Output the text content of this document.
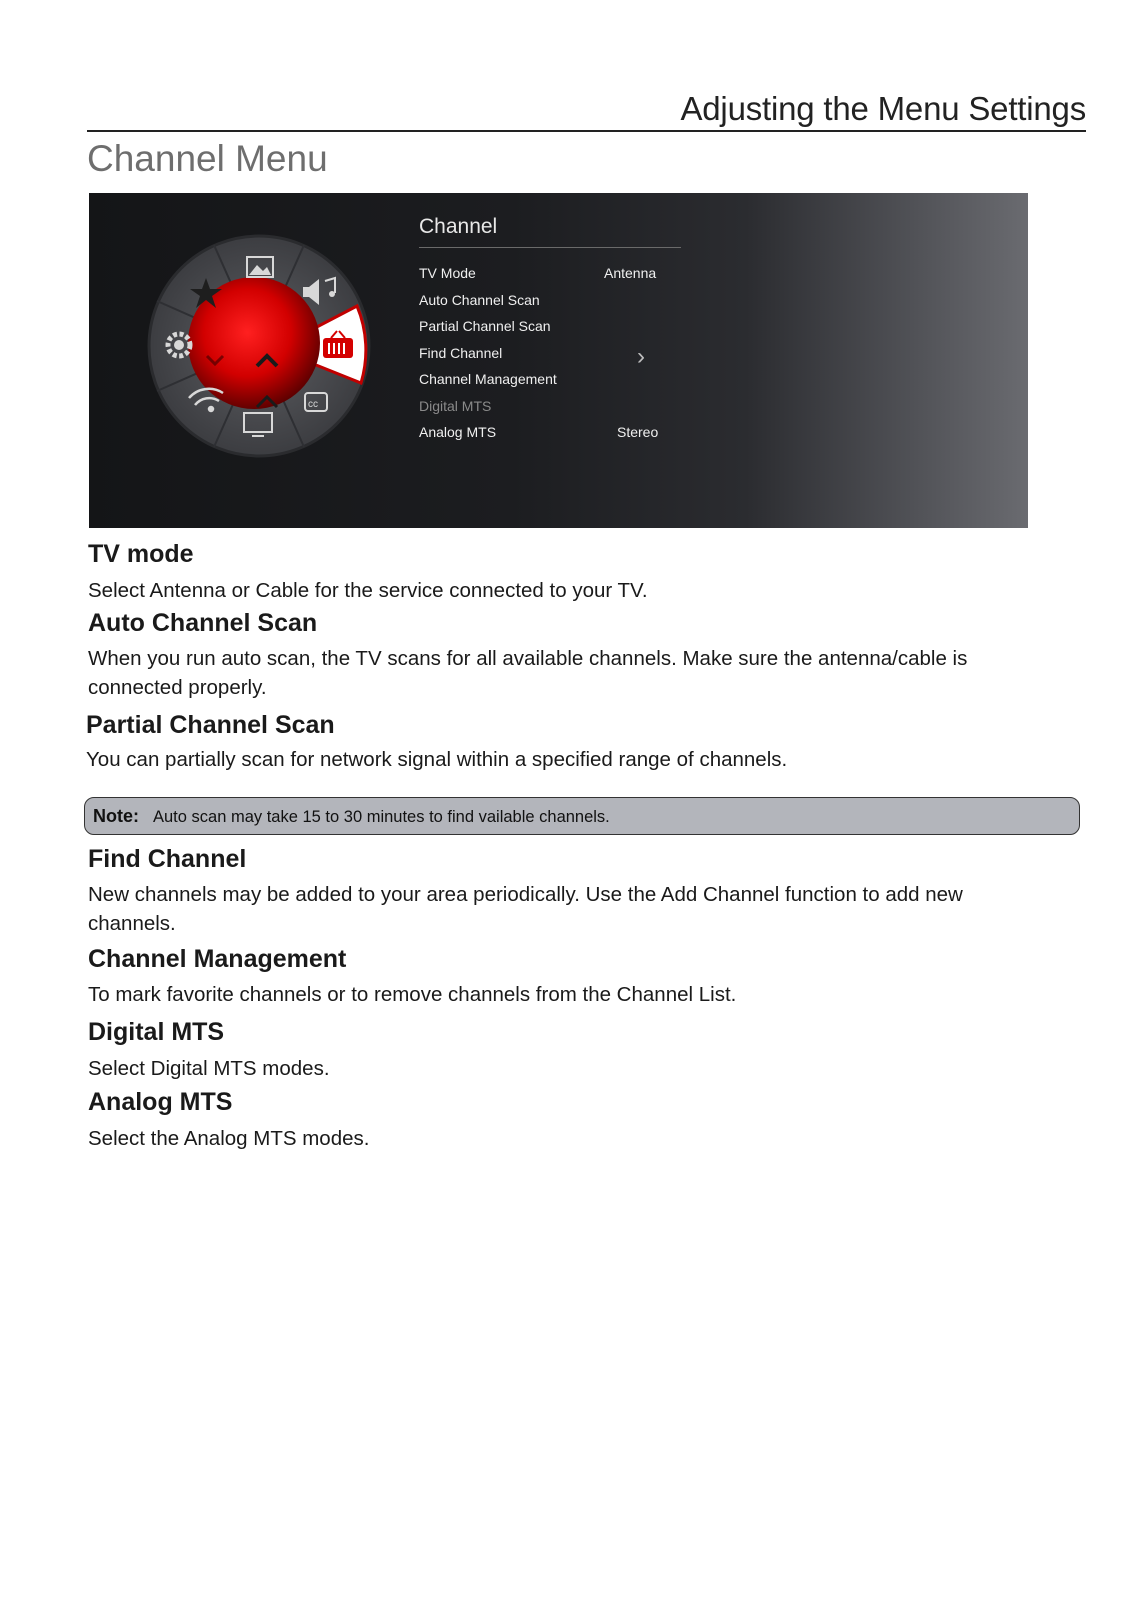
Adjusting the Menu Settings
Channel Menu
cc
Channel
TV Mode	Antenna
Auto Channel Scan
Partial Channel Scan
Find Channel
Channel Management
Digital MTS
Analog MTS	Stereo
›
TV mode
Select Antenna or Cable for the service connected to your TV.
Auto Channel Scan
When you run auto scan, the TV scans for all available channels. Make sure the antenna/cable is connected properly.
Partial Channel Scan
You can partially scan for network signal within a specified range of channels.
Note: Auto scan may take 15 to 30 minutes to find vailable channels.
Find Channel
New channels may be added to your area periodically. Use the Add Channel function to add new channels.
Channel Management
To mark favorite channels or to remove channels from the Channel List.
Digital MTS
Select Digital MTS modes.
Analog MTS
Select the Analog MTS modes.
